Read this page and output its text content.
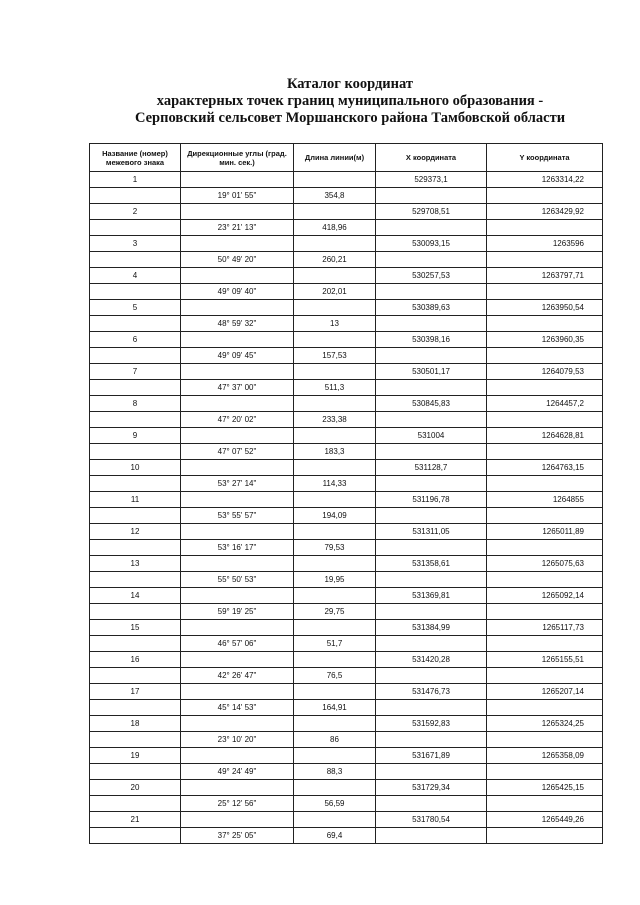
Каталог координат
характерных точек границ муниципального образования -
Серповский сельсовет Моршанского района Тамбовской области
Название (номер) межевого знака	Дирекционные углы (град. мин. сек.)	Длина линии(м)	X координата	Y координата
1			529373,1	1263314,22
	19° 01' 55"	354,8		
2			529708,51	1263429,92
	23° 21' 13"	418,96		
3			530093,15	1263596
	50° 49' 20"	260,21		
4			530257,53	1263797,71
	49° 09' 40"	202,01		
5			530389,63	1263950,54
	48° 59' 32"	13		
6			530398,16	1263960,35
	49° 09' 45"	157,53		
7			530501,17	1264079,53
	47° 37' 00"	511,3		
8			530845,83	1264457,2
	47° 20' 02"	233,38		
9			531004	1264628,81
	47° 07' 52"	183,3		
10			531128,7	1264763,15
	53° 27' 14"	114,33		
11			531196,78	1264855
	53° 55' 57"	194,09		
12			531311,05	1265011,89
	53° 16' 17"	79,53		
13			531358,61	1265075,63
	55° 50' 53"	19,95		
14			531369,81	1265092,14
	59° 19' 25"	29,75		
15			531384,99	1265117,73
	46° 57' 06"	51,7		
16			531420,28	1265155,51
	42° 26' 47"	76,5		
17			531476,73	1265207,14
	45° 14' 53"	164,91		
18			531592,83	1265324,25
	23° 10' 20"	86		
19			531671,89	1265358,09
	49° 24' 49"	88,3		
20			531729,34	1265425,15
	25° 12' 56"	56,59		
21			531780,54	1265449,26
	37° 25' 05"	69,4		
